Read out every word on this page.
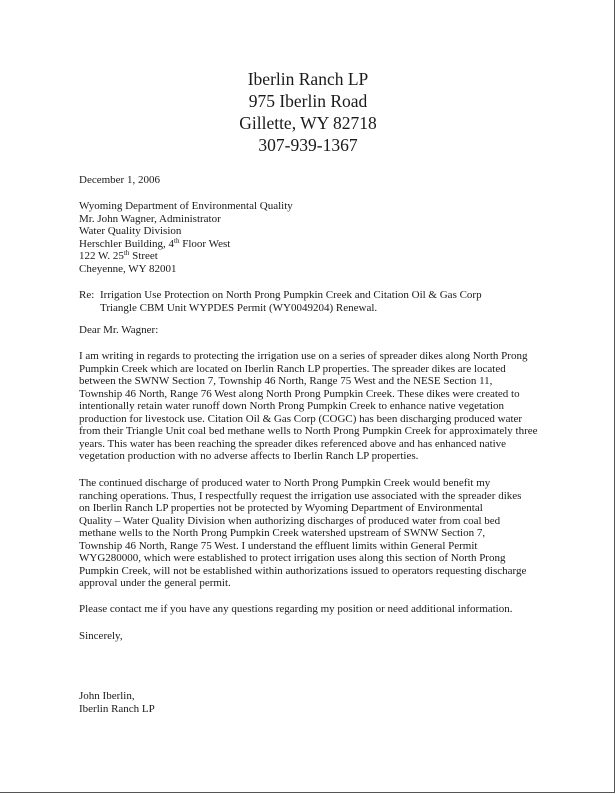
Iberlin Ranch LP
975 Iberlin Road
Gillette, WY 82718
307-939-1367
December 1, 2006
Wyoming Department of Environmental Quality
Mr. John Wagner, Administrator
Water Quality Division
Herschler Building, 4th Floor West
122 W. 25th Street
Cheyenne, WY 82001
Re: Irrigation Use Protection on North Prong Pumpkin Creek and Citation Oil & Gas Corp
Triangle CBM Unit WYPDES Permit (WY0049204) Renewal.
Dear Mr. Wagner:
I am writing in regards to protecting the irrigation use on a series of spreader dikes along North Prong
Pumpkin Creek which are located on Iberlin Ranch LP properties. The spreader dikes are located
between the SWNW Section 7, Township 46 North, Range 75 West and the NESE Section 11,
Township 46 North, Range 76 West along North Prong Pumpkin Creek. These dikes were created to
intentionally retain water runoff down North Prong Pumpkin Creek to enhance native vegetation
production for livestock use. Citation Oil & Gas Corp (COGC) has been discharging produced water
from their Triangle Unit coal bed methane wells to North Prong Pumpkin Creek for approximately three
years. This water has been reaching the spreader dikes referenced above and has enhanced native
vegetation production with no adverse affects to Iberlin Ranch LP properties.
The continued discharge of produced water to North Prong Pumpkin Creek would benefit my
ranching operations. Thus, I respectfully request the irrigation use associated with the spreader dikes
on Iberlin Ranch LP properties not be protected by Wyoming Department of Environmental
Quality – Water Quality Division when authorizing discharges of produced water from coal bed
methane wells to the North Prong Pumpkin Creek watershed upstream of SWNW Section 7,
Township 46 North, Range 75 West. I understand the effluent limits within General Permit
WYG280000, which were established to protect irrigation uses along this section of North Prong
Pumpkin Creek, will not be established within authorizations issued to operators requesting discharge
approval under the general permit.
Please contact me if you have any questions regarding my position or need additional information.
Sincerely,
John Iberlin,
Iberlin Ranch LP
